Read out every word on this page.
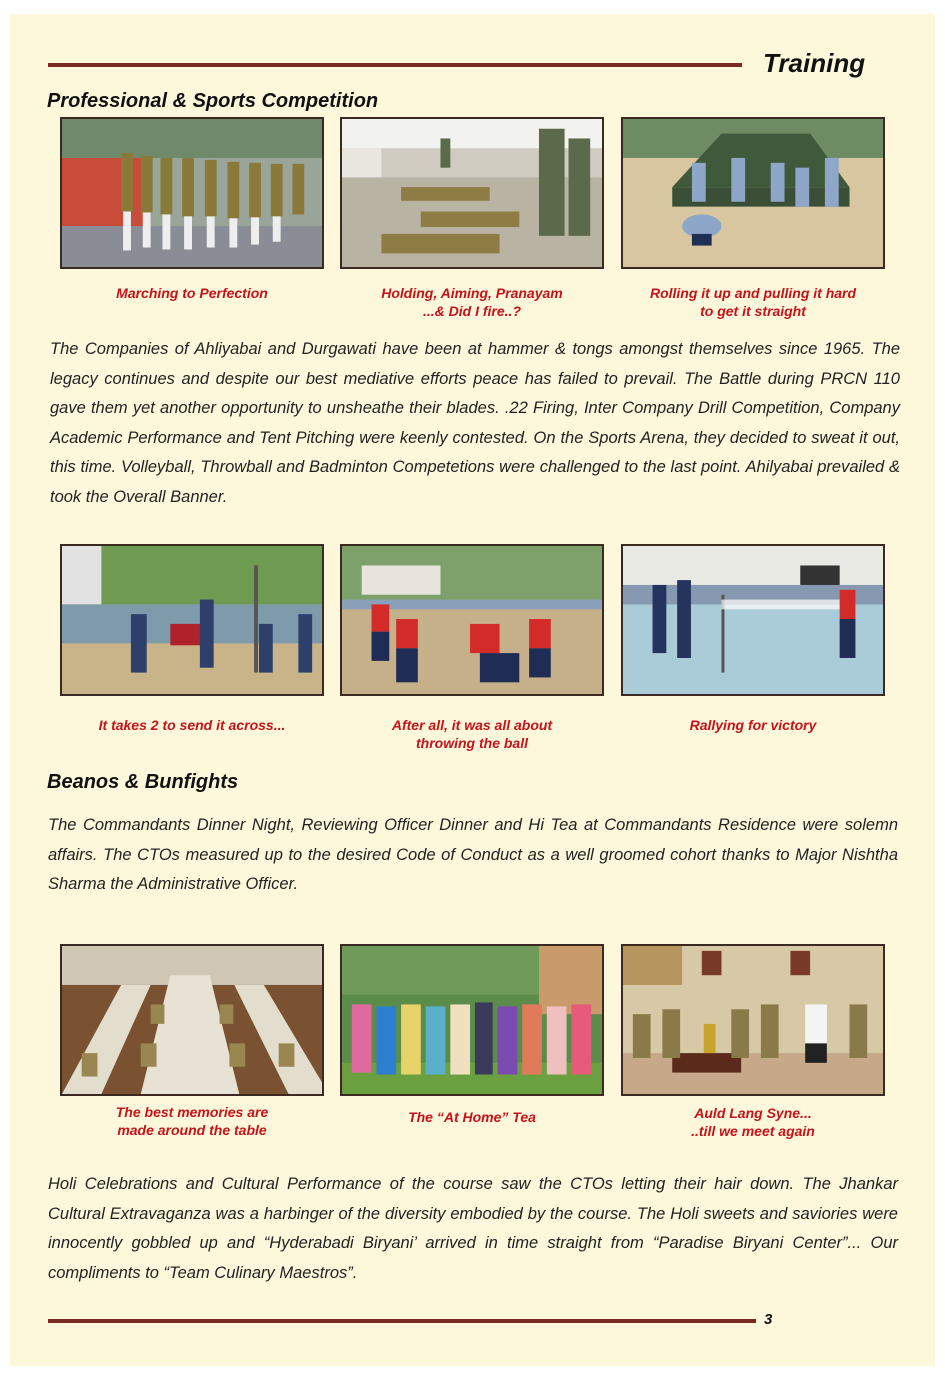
Training
Professional & Sports Competition
Marching to Perfection	Holding, Aiming, Pranayam
...& Did I fire..?
Rolling it up and pulling it hard
to get it straight

The Companies of Ahliyabai and Durgawati have been at hammer & tongs amongst themselves since 1965. The legacy continues and despite our best mediative efforts peace has failed to prevail. The Battle during PRCN 110 gave them yet another opportunity to unsheathe their blades. .22 Firing, Inter Company Drill Competition, Company Academic Performance and Tent Pitching were keenly contested. On the Sports Arena, they decided to sweat it out, this time. Volleyball, Throwball and Badminton Competetions were challenged to the last point. Ahilyabai prevailed & took the Overall Banner.

It takes 2 to send it across...	After all, it was all about
throwing the ball
Rallying for victory
Beanos & Bunfights

The Commandants Dinner Night, Reviewing Officer Dinner and Hi Tea at Commandants Residence were solemn affairs. The CTOs measured up to the desired Code of Conduct as a well groomed cohort thanks to Major Nishtha Sharma the Administrative Officer.

The best memories are
made around the table
The “At Home” Tea	Auld Lang Syne...
..till we meet again

Holi Celebrations and Cultural Performance of the course saw the CTOs letting their hair down. The Jhankar Cultural Extravaganza was a harbinger of the diversity embodied by the course. The Holi sweets and saviories were innocently gobbled up and “Hyderabadi Biryani’ arrived in time straight from “Paradise Biryani Center”... Our compliments to “Team Culinary Maestros”.

3
